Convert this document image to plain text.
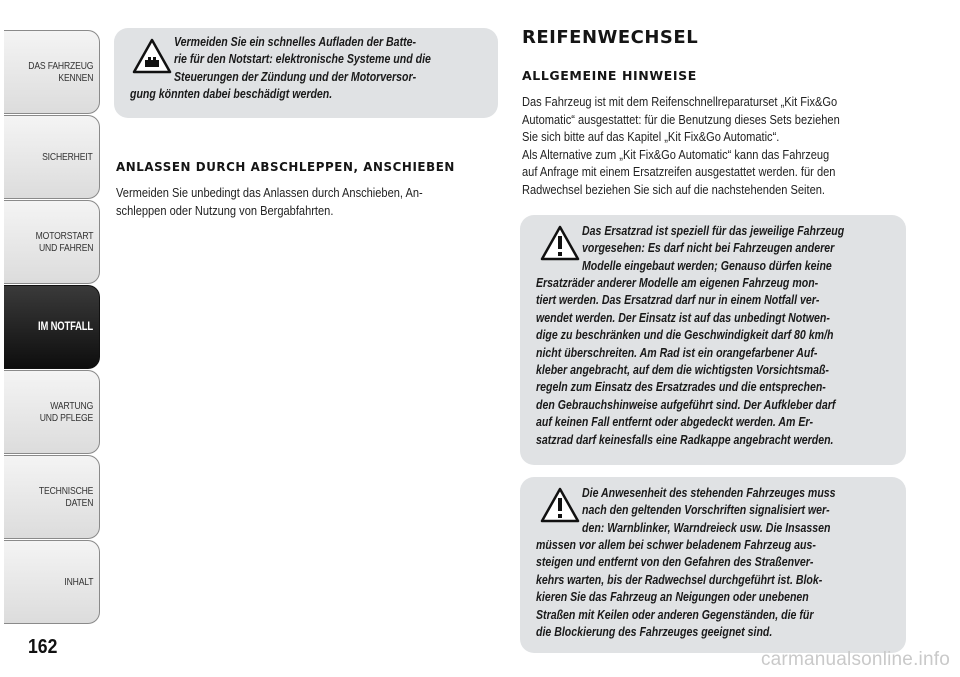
DAS FAHRZEUG
KENNEN
SICHERHEIT
MOTORSTART
UND FAHREN
IM NOTFALL
WARTUNG
UND PFLEGE
TECHNISCHE
DATEN
INHALT
162
Vermeiden Sie ein schnelles Aufladen der Batte-
rie für den Notstart: elektronische Systeme und die
Steuerungen der Zündung und der Motorversor-
gung könnten dabei beschädigt werden.
ANLASSEN DURCH ABSCHLEPPEN, ANSCHIEBEN
Vermeiden Sie unbedingt das Anlassen durch Anschieben, An-
schleppen oder Nutzung von Bergabfahrten.
REIFENWECHSEL
ALLGEMEINE HINWEISE
Das Fahrzeug ist mit dem Reifenschnellreparaturset „Kit Fix&Go
Automatic“ ausgestattet: für die Benutzung dieses Sets beziehen
Sie sich bitte auf das Kapitel „Kit Fix&Go Automatic“.
Als Alternative zum „Kit Fix&Go Automatic“ kann das Fahrzeug
auf Anfrage mit einem Ersatzreifen ausgestattet werden. für den
Radwechsel beziehen Sie sich auf die nachstehenden Seiten.
Das Ersatzrad ist speziell für das jeweilige Fahrzeug
vorgesehen: Es darf nicht bei Fahrzeugen anderer
Modelle eingebaut werden; Genauso dürfen keine
Ersatzräder anderer Modelle am eigenen Fahrzeug mon-
tiert werden. Das Ersatzrad darf nur in einem Notfall ver-
wendet werden. Der Einsatz ist auf das unbedingt Notwen-
dige zu beschränken und die Geschwindigkeit darf 80 km/h
nicht überschreiten. Am Rad ist ein orangefarbener Auf-
kleber angebracht, auf dem die wichtigsten Vorsichtsmaß-
regeln zum Einsatz des Ersatzrades und die entsprechen-
den Gebrauchshinweise aufgeführt sind. Der Aufkleber darf
auf keinen Fall entfernt oder abgedeckt werden. Am Er-
satzrad darf keinesfalls eine Radkappe angebracht werden.
Die Anwesenheit des stehenden Fahrzeuges muss
nach den geltenden Vorschriften signalisiert wer-
den: Warnblinker, Warndreieck usw. Die Insassen
müssen vor allem bei schwer beladenem Fahrzeug aus-
steigen und entfernt von den Gefahren des Straßenver-
kehrs warten, bis der Radwechsel durchgeführt ist. Blok-
kieren Sie das Fahrzeug an Neigungen oder unebenen
Straßen mit Keilen oder anderen Gegenständen, die für
die Blockierung des Fahrzeuges geeignet sind.
carmanualsonline.info
